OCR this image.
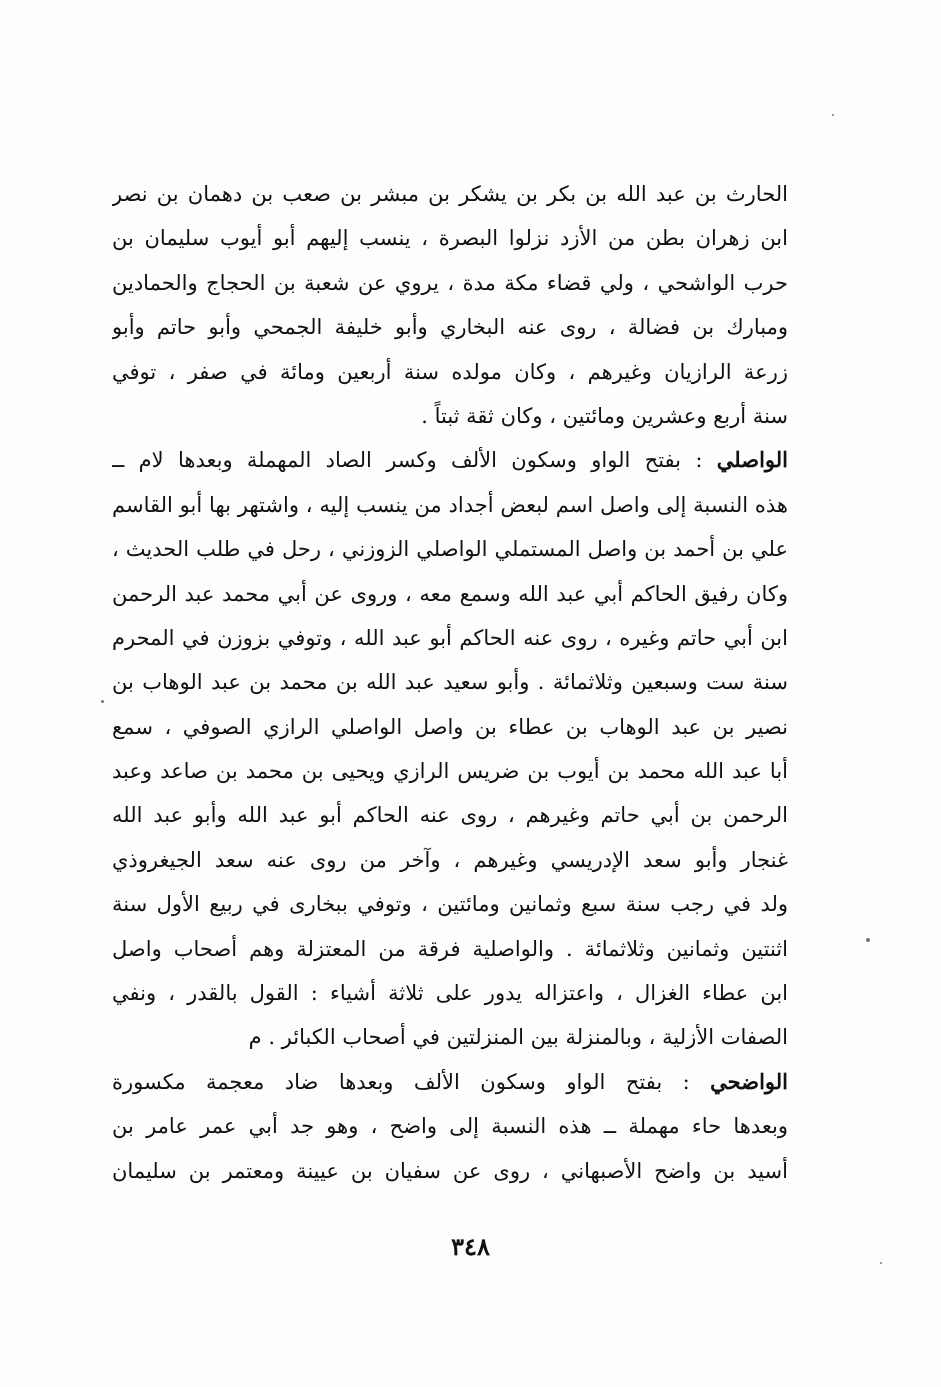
الحارث بن عبد الله بن بكر بن يشكر بن مبشر بن صعب بن دهمان بن نصر
ابن زهران بطن من الأزد نزلوا البصرة ، ينسب إليهم أبو أيوب سليمان بن
حرب الواشحي ، ولي قضاء مكة مدة ، يروي عن شعبة بن الحجاج والحمادين
ومبارك بن فضالة ، روى عنه البخاري وأبو خليفة الجمحي وأبو حاتم وأبو
زرعة الرازيان وغيرهم ، وكان مولده سنة أربعين ومائة في صفر ، توفي
سنة أربع وعشرين ومائتين ، وكان ثقة ثبتاً .
الواصلي : بفتح الواو وسكون الألف وكسر الصاد المهملة وبعدها لام ــ
هذه النسبة إلى واصل اسم لبعض أجداد من ينسب إليه ، واشتهر بها أبو القاسم
علي بن أحمد بن واصل المستملي الواصلي الزوزني ، رحل في طلب الحديث ،
وكان رفيق الحاكم أبي عبد الله وسمع معه ، وروى عن أبي محمد عبد الرحمن
ابن أبي حاتم وغيره ، روى عنه الحاكم أبو عبد الله ، وتوفي بزوزن في المحرم
سنة ست وسبعين وثلاثمائة . وأبو سعيد عبد الله بن محمد بن عبد الوهاب بن
نصير بن عبد الوهاب بن عطاء بن واصل الواصلي الرازي الصوفي ، سمع
أبا عبد الله محمد بن أيوب بن ضريس الرازي ويحيى بن محمد بن صاعد وعبد
الرحمن بن أبي حاتم وغيرهم ، روى عنه الحاكم أبو عبد الله وأبو عبد الله
غنجار وأبو سعد الإدريسي وغيرهم ، وآخر من روى عنه سعد الجيغروذي
ولد في رجب سنة سبع وثمانين ومائتين ، وتوفي ببخارى في ربيع الأول سنة
اثنتين وثمانين وثلاثمائة . والواصلية فرقة من المعتزلة وهم أصحاب واصل
ابن عطاء الغزال ، واعتزاله يدور على ثلاثة أشياء : القول بالقدر ، ونفي
الصفات الأزلية ، وبالمنزلة بين المنزلتين في أصحاب الكبائر . م
الواضحي : بفتح الواو وسكون الألف وبعدها ضاد معجمة مكسورة
وبعدها حاء مهملة ــ هذه النسبة إلى واضح ، وهو جد أبي عمر عامر بن
أسيد بن واضح الأصبهاني ، روى عن سفيان بن عيينة ومعتمر بن سليمان
٣٤٨
